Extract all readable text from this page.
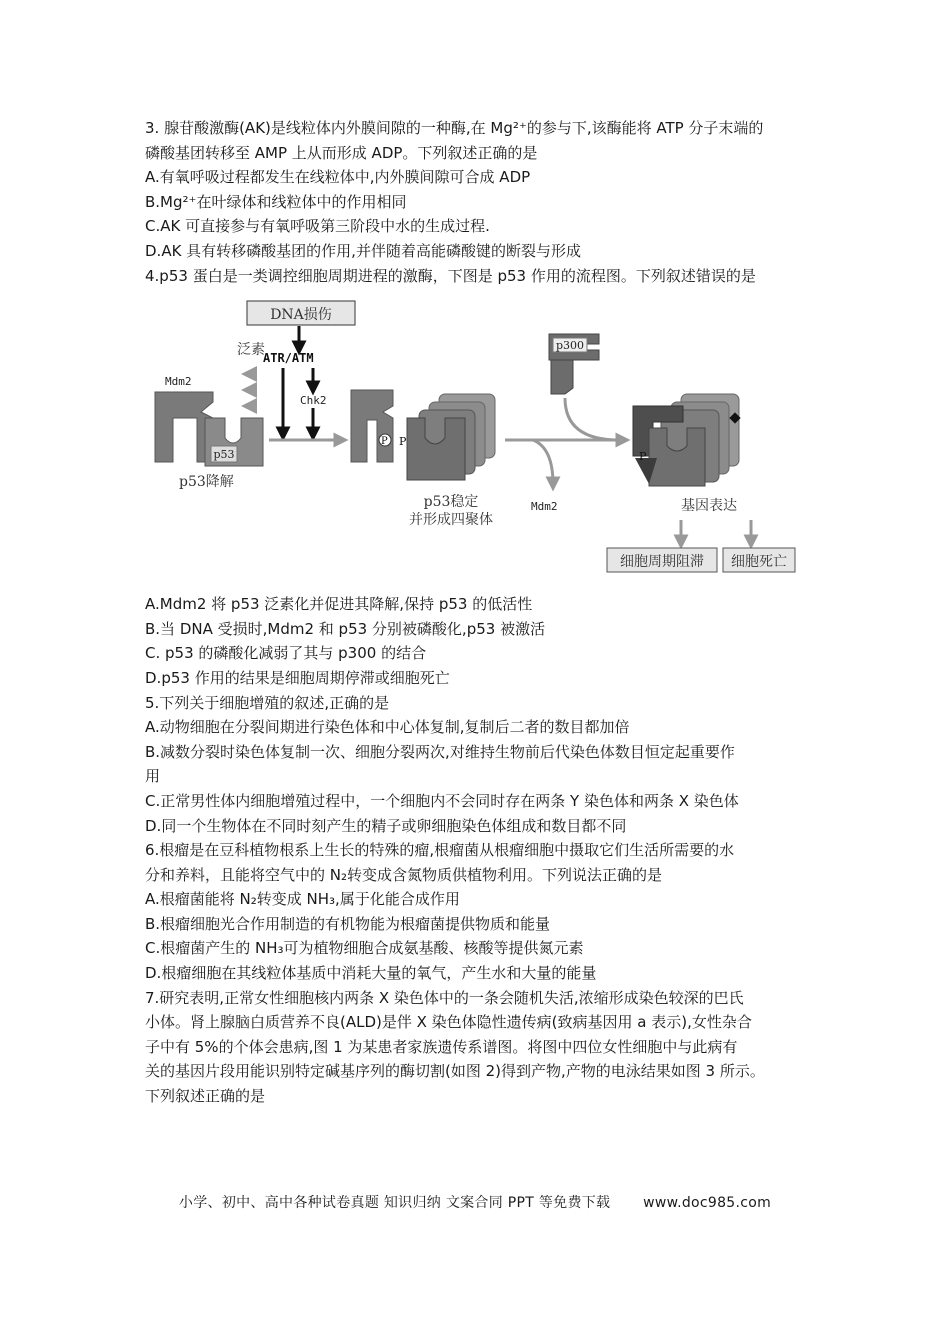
3. 腺苷酸激酶(AK)是线粒体内外膜间隙的一种酶,在 Mg²⁺的参与下,该酶能将 ATP 分子末端的
磷酸基团转移至 AMP 上从而形成 ADP。下列叙述正确的是
A.有氧呼吸过程都发生在线粒体中,内外膜间隙可合成 ADP
B.Mg²⁺在叶绿体和线粒体中的作用相同
C.AK 可直接参与有氧呼吸第三阶段中水的生成过程.
D.AK 具有转移磷酸基团的作用,并伴随着高能磷酸键的断裂与形成
4.p53 蛋白是一类调控细胞周期进程的激酶，下图是 p53 作用的流程图。下列叙述错误的是
DNA损伤
ATR/ATM
Chk2
泛素
Mdm2
p53
p53降解
P P
p53稳定
并形成四聚体
p300
Mdm2
P
基因表达
细胞周期阻滞 细胞死亡
A.Mdm2 将 p53 泛素化并促进其降解,保持 p53 的低活性
B.当 DNA 受损时,Mdm2 和 p53 分别被磷酸化,p53 被激活
C. p53 的磷酸化减弱了其与 p300 的结合
D.p53 作用的结果是细胞周期停滞或细胞死亡
5.下列关于细胞增殖的叙述,正确的是
A.动物细胞在分裂间期进行染色体和中心体复制,复制后二者的数目都加倍
B.减数分裂时染色体复制一次、细胞分裂两次,对维持生物前后代染色体数目恒定起重要作
用
C.正常男性体内细胞增殖过程中，一个细胞内不会同时存在两条 Y 染色体和两条 X 染色体
D.同一个生物体在不同时刻产生的精子或卵细胞染色体组成和数目都不同
6.根瘤是在豆科植物根系上生长的特殊的瘤,根瘤菌从根瘤细胞中摄取它们生活所需要的水
分和养料，且能将空气中的 N₂转变成含氮物质供植物利用。下列说法正确的是
A.根瘤菌能将 N₂转变成 NH₃,属于化能合成作用
B.根瘤细胞光合作用制造的有机物能为根瘤菌提供物质和能量
C.根瘤菌产生的 NH₃可为植物细胞合成氨基酸、核酸等提供氮元素
D.根瘤细胞在其线粒体基质中消耗大量的氧气，产生水和大量的能量
7.研究表明,正常女性细胞核内两条 X 染色体中的一条会随机失活,浓缩形成染色较深的巴氏
小体。肾上腺脑白质营养不良(ALD)是伴 X 染色体隐性遗传病(致病基因用 a 表示),女性杂合
子中有 5%的个体会患病,图 1 为某患者家族遗传系谱图。将图中四位女性细胞中与此病有
关的基因片段用能识别特定碱基序列的酶切割(如图 2)得到产物,产物的电泳结果如图 3 所示。
下列叙述正确的是
小学、初中、高中各种试卷真题 知识归纳 文案合同 PPT 等免费下载 www.doc985.com
